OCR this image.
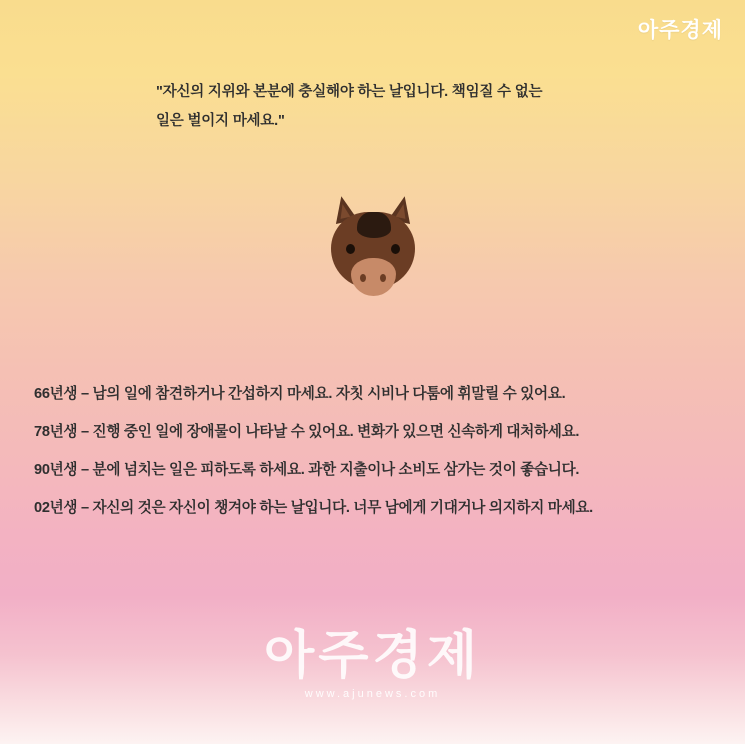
아주경제
"자신의 지위와 본분에 충실해야 하는 날입니다. 책임질 수 없는
일은 벌이지 마세요."
66년생 – 남의 일에 참견하거나 간섭하지 마세요. 자칫 시비나 다툼에 휘말릴 수 있어요.
78년생 – 진행 중인 일에 장애물이 나타날 수 있어요. 변화가 있으면 신속하게 대처하세요.
90년생 – 분에 넘치는 일은 피하도록 하세요. 과한 지출이나 소비도 삼가는 것이 좋습니다.
02년생 – 자신의 것은 자신이 챙겨야 하는 날입니다. 너무 남에게 기대거나 의지하지 마세요.
아주경제
www.ajunews.com
